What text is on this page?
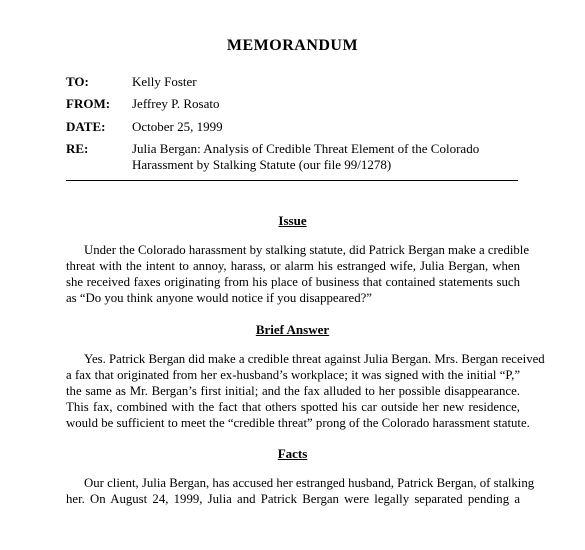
MEMORANDUM
TO:	Kelly Foster
FROM: Jeffrey P. Rosato
DATE: October 25, 1999
RE:	Julia Bergan: Analysis of Credible Threat Element of the Colorado
Harassment by Stalking Statute (our file 99/1278)
Issue
Under the Colorado harassment by stalking statute, did Patrick Bergan make a credible
threat with the intent to annoy, harass, or alarm his estranged wife, Julia Bergan, when
she received faxes originating from his place of business that contained statements such
as “Do you think anyone would notice if you disappeared?”
Brief Answer
Yes. Patrick Bergan did make a credible threat against Julia Bergan. Mrs. Bergan received
a fax that originated from her ex-husband’s workplace; it was signed with the initial “P,”
the same as Mr. Bergan’s first initial; and the fax alluded to her possible disappearance.
This fax, combined with the fact that others spotted his car outside her new residence,
would be sufficient to meet the “credible threat” prong of the Colorado harassment statute.
Facts
Our client, Julia Bergan, has accused her estranged husband, Patrick Bergan, of stalking
her. On August 24, 1999, Julia and Patrick Bergan were legally separated pending a
